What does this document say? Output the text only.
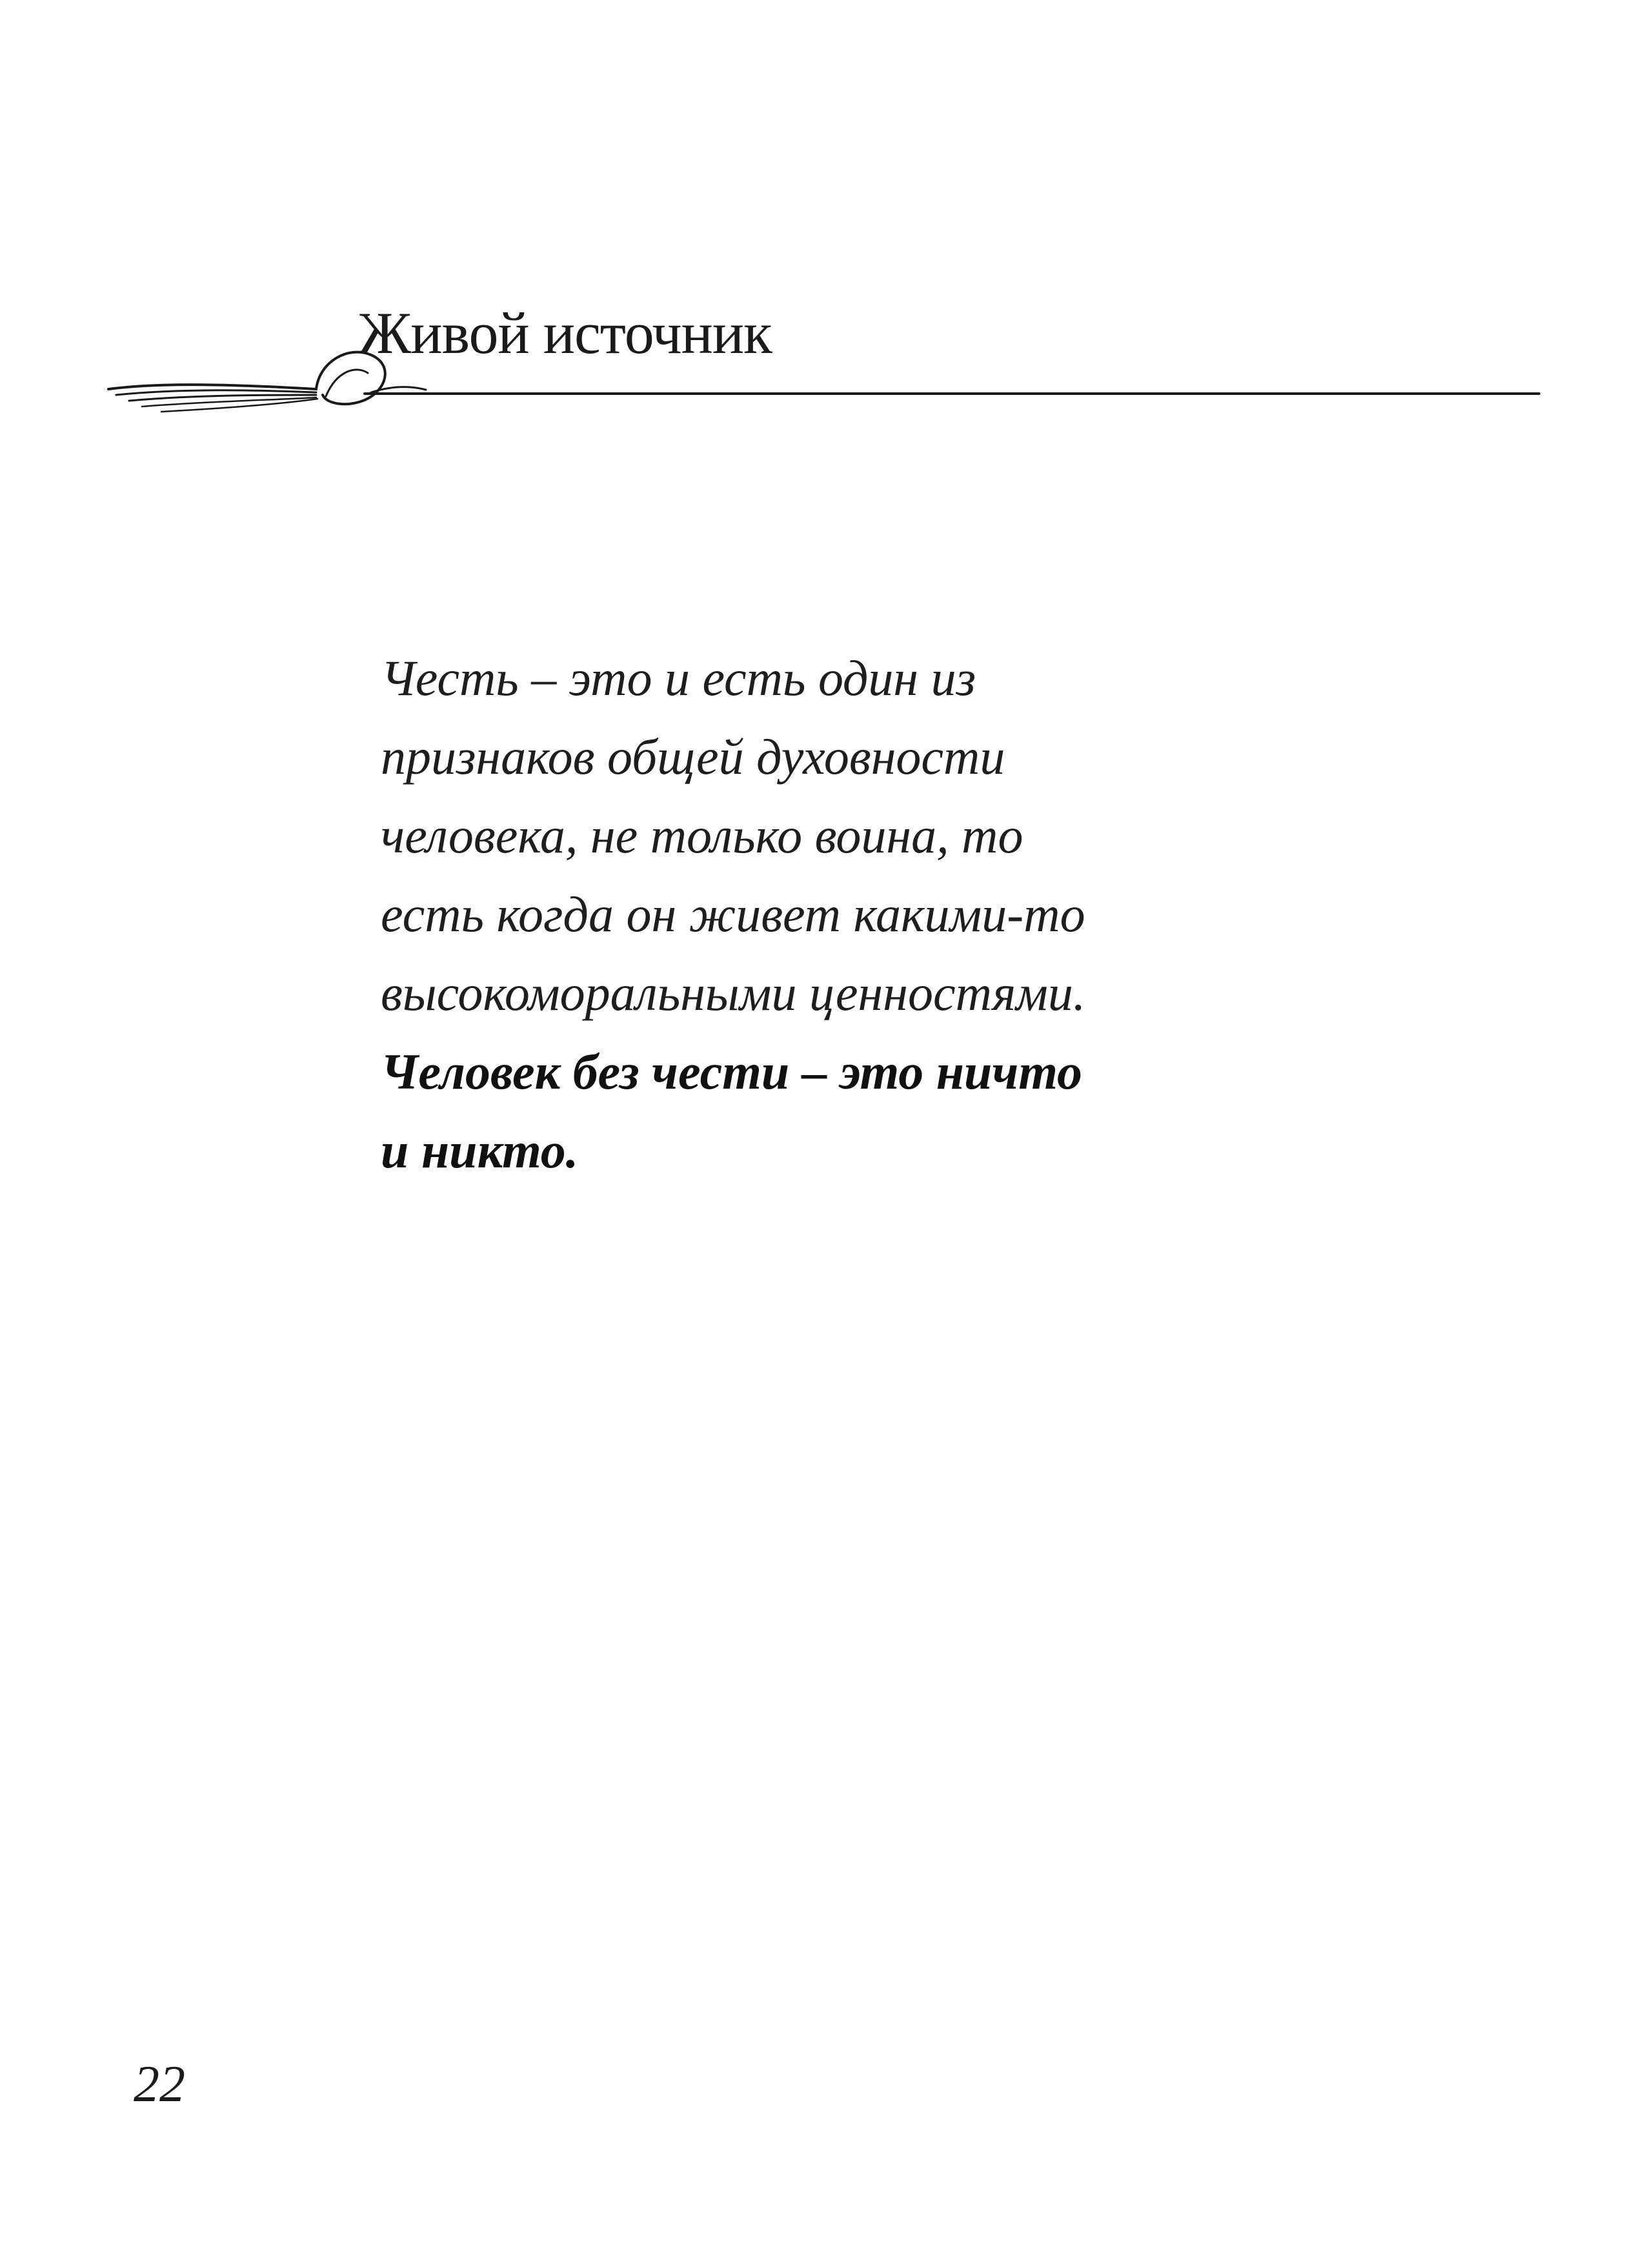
Живой источник
Честь – это и есть один из
признаков общей духовности
человека, не только воина, то
есть когда он живет какими-то
высокоморальными ценностями.
Человек без чести – это ничто
и никто.
22
